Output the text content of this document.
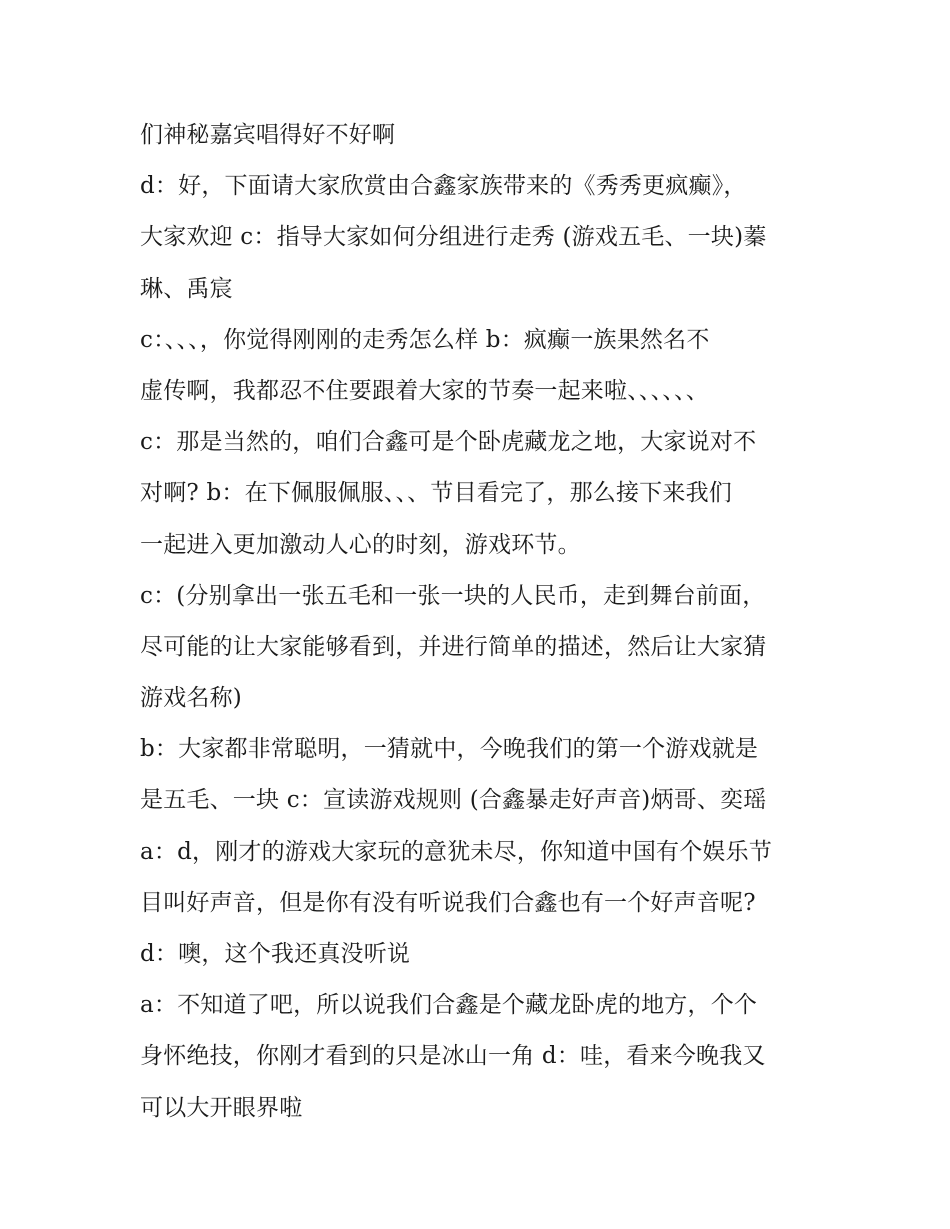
们神秘嘉宾唱得好不好啊
d：好，下面请大家欣赏由合鑫家族带来的《秀秀更疯癫》，
大家欢迎 c：指导大家如何分组进行走秀 (游戏五毛、一块)蓁
琳、禹宸
c：、、、，你觉得刚刚的走秀怎么样 b：疯癫一族果然名不
虚传啊，我都忍不住要跟着大家的节奏一起来啦、、、、、、
c：那是当然的，咱们合鑫可是个卧虎藏龙之地，大家说对不
对啊? b：在下佩服佩服、、、节目看完了，那么接下来我们
一起进入更加激动人心的时刻，游戏环节。
c：(分别拿出一张五毛和一张一块的人民币，走到舞台前面，
尽可能的让大家能够看到，并进行简单的描述，然后让大家猜
游戏名称)
b：大家都非常聪明，一猜就中，今晚我们的第一个游戏就是
是五毛、一块 c：宣读游戏规则 (合鑫暴走好声音)炳哥、奕瑶
a：d，刚才的游戏大家玩的意犹未尽，你知道中国有个娱乐节
目叫好声音，但是你有没有听说我们合鑫也有一个好声音呢?
d：噢，这个我还真没听说
a：不知道了吧，所以说我们合鑫是个藏龙卧虎的地方，个个
身怀绝技，你刚才看到的只是冰山一角 d：哇，看来今晚我又
可以大开眼界啦
